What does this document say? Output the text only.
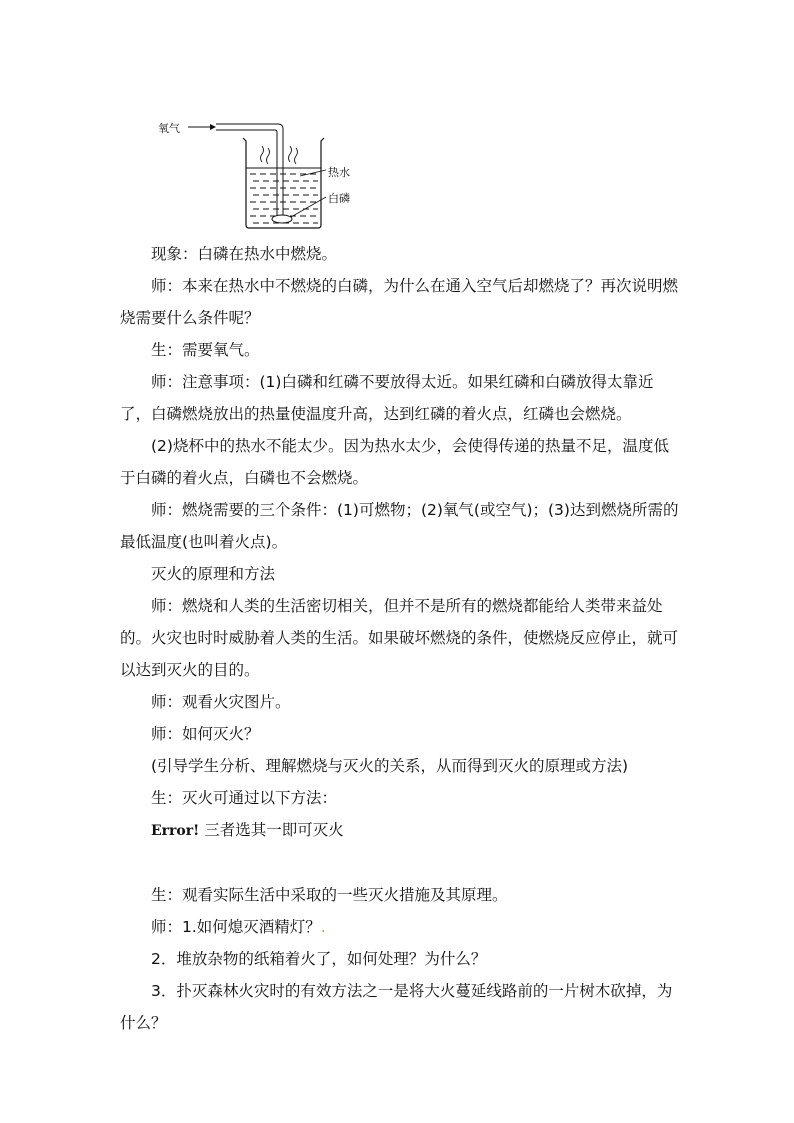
氧气
热水
白磷

现象：白磷在热水中燃烧。

师：本来在热水中不燃烧的白磷，为什么在通入空气后却燃烧了？再次说明燃烧需要什么条件呢？

生：需要氧气。

师：注意事项：(1)白磷和红磷不要放得太近。如果红磷和白磷放得太靠近了，白磷燃烧放出的热量使温度升高，达到红磷的着火点，红磷也会燃烧。

(2)烧杯中的热水不能太少。因为热水太少，会使得传递的热量不足，温度低于白磷的着火点，白磷也不会燃烧。

师：燃烧需要的三个条件：(1)可燃物；(2)氧气(或空气)；(3)达到燃烧所需的最低温度(也叫着火点)。

灭火的原理和方法

师：燃烧和人类的生活密切相关，但并不是所有的燃烧都能给人类带来益处的。火灾也时时威胁着人类的生活。如果破坏燃烧的条件，使燃烧反应停止，就可以达到灭火的目的。

师：观看火灾图片。

师：如何灭火？

(引导学生分析、理解燃烧与灭火的关系，从而得到灭火的原理或方法)

生：灭火可通过以下方法：

Error! 三者选其一即可灭火

生：观看实际生活中采取的一些灭火措施及其原理。

师：1.如何熄灭酒精灯？.

2．堆放杂物的纸箱着火了，如何处理？为什么？

3．扑灭森林火灾时的有效方法之一是将大火蔓延线路前的一片树木砍掉，为什么？
